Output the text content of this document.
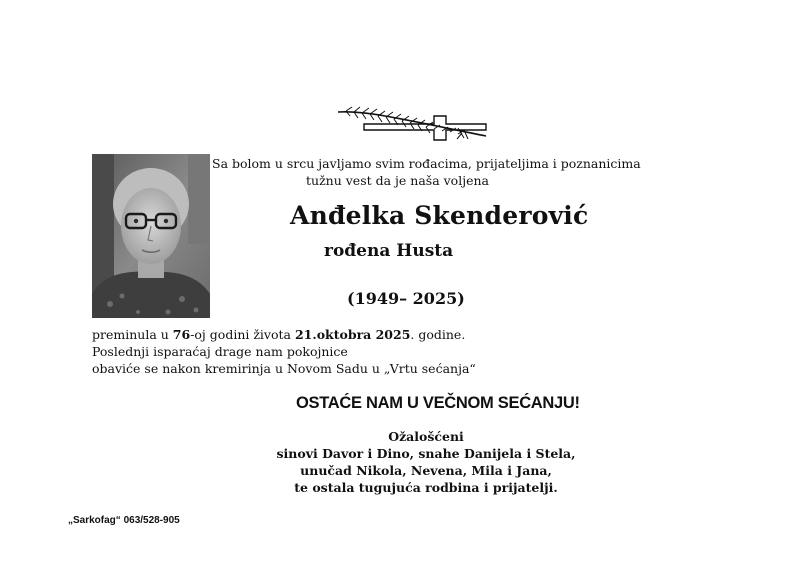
Sa bolom u srcu javljamo svim rođacima, prijateljima i poznanicima
tužnu vest da je naša voljena
Anđelka Skenderović
rođena Husta
(1949– 2025)
preminula u 76-oj godini života 21.oktobra 2025. godine.
Poslednji isparaćaj drage nam pokojnice
obaviće se nakon kremirinja u Novom Sadu u „Vrtu sećanja“
OSTAĆE NAM U VEČNOM SEĆANJU!
Ožalošćeni
sinovi Davor i Dino, snahe Danijela i Stela,
unučad Nikola, Nevena, Mila i Jana,
te ostala tugujuća rodbina i prijatelji.
„Sarkofag“ 063/528-905
